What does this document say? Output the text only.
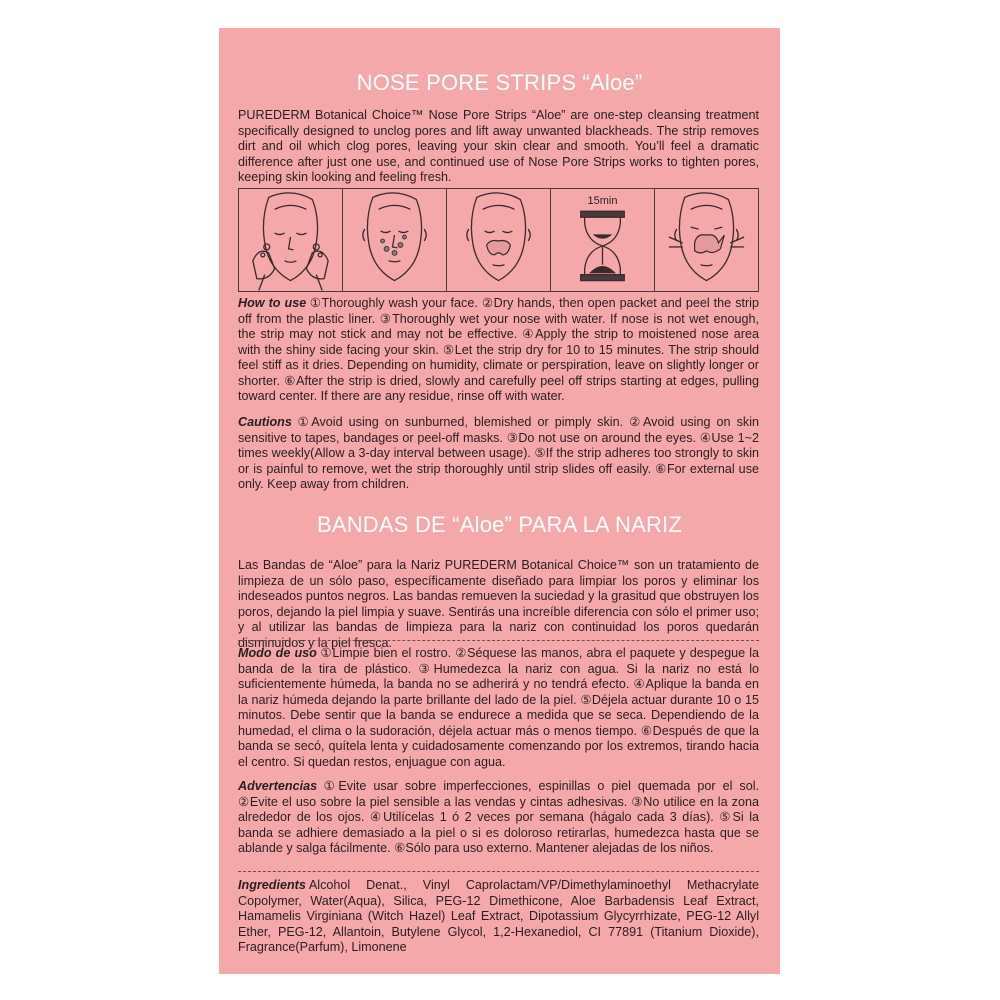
NOSE PORE STRIPS “Aloe”
PUREDERM Botanical Choice™ Nose Pore Strips “Aloe” are one-step cleansing treatment specifically designed to unclog pores and lift away unwanted blackheads. The strip removes dirt and oil which clog pores, leaving your skin clear and smooth. You’ll feel a dramatic difference after just one use, and continued use of Nose Pore Strips works to tighten pores, keeping skin looking and feeling fresh.
15min
How to use ①Thoroughly wash your face. ②Dry hands, then open packet and peel the strip off from the plastic liner. ③Thoroughly wet your nose with water. If nose is not wet enough, the strip may not stick and may not be effective. ④Apply the strip to moistened nose area with the shiny side facing your skin. ⑤Let the strip dry for 10 to 15 minutes. The strip should feel stiff as it dries. Depending on humidity, climate or perspiration, leave on slightly longer or shorter. ⑥After the strip is dried, slowly and carefully peel off strips starting at edges, pulling toward center. If there are any residue, rinse off with water.
Cautions ①Avoid using on sunburned, blemished or pimply skin. ②Avoid using on skin sensitive to tapes, bandages or peel-off masks. ③Do not use on around the eyes. ④Use 1~2 times weekly(Allow a 3-day interval between usage). ⑤If the strip adheres too strongly to skin or is painful to remove, wet the strip thoroughly until strip slides off easily. ⑥For external use only. Keep away from children.
BANDAS DE “Aloe” PARA LA NARIZ
Las Bandas de “Aloe” para la Nariz PUREDERM Botanical Choice™ son un tratamiento de limpieza de un sólo paso, específicamente diseñado para limpiar los poros y eliminar los indeseados puntos negros. Las bandas remueven la suciedad y la grasitud que obstruyen los poros, dejando la piel limpia y suave. Sentirás una increíble diferencia con sólo el primer uso; y al utilizar las bandas de limpieza para la nariz con continuidad los poros quedarán disminuidos y la piel fresca.
Modo de uso ①Limpie bien el rostro. ②Séquese las manos, abra el paquete y despegue la banda de la tira de plástico. ③Humedezca la nariz con agua. Si la nariz no está lo suficientemente húmeda, la banda no se adherirá y no tendrá efecto. ④Aplique la banda en la nariz húmeda dejando la parte brillante del lado de la piel. ⑤Déjela actuar durante 10 o 15 minutos. Debe sentir que la banda se endurece a medida que se seca. Dependiendo de la humedad, el clima o la sudoración, déjela actuar más o menos tiempo. ⑥Después de que la banda se secó, quítela lenta y cuidadosamente comenzando por los extremos, tirando hacia el centro. Si quedan restos, enjuague con agua.
Advertencias ①Evite usar sobre imperfecciones, espinillas o piel quemada por el sol. ②Evite el uso sobre la piel sensible a las vendas y cintas adhesivas. ③No utilice en la zona alrededor de los ojos. ④Utilícelas 1 ó 2 veces por semana (hágalo cada 3 días). ⑤Si la banda se adhiere demasiado a la piel o si es doloroso retirarlas, humedezca hasta que se ablande y salga fácilmente. ⑥Sólo para uso externo. Mantener alejadas de los niños.
Ingredients Alcohol Denat., Vinyl Caprolactam/VP/Dimethylaminoethyl Methacrylate Copolymer, Water(Aqua), Silica, PEG-12 Dimethicone, Aloe Barbadensis Leaf Extract, Hamamelis Virginiana (Witch Hazel) Leaf Extract, Dipotassium Glycyrrhizate, PEG-12 Allyl Ether, PEG-12, Allantoin, Butylene Glycol, 1,2-Hexanediol, CI 77891 (Titanium Dioxide), Fragrance(Parfum), Limonene
